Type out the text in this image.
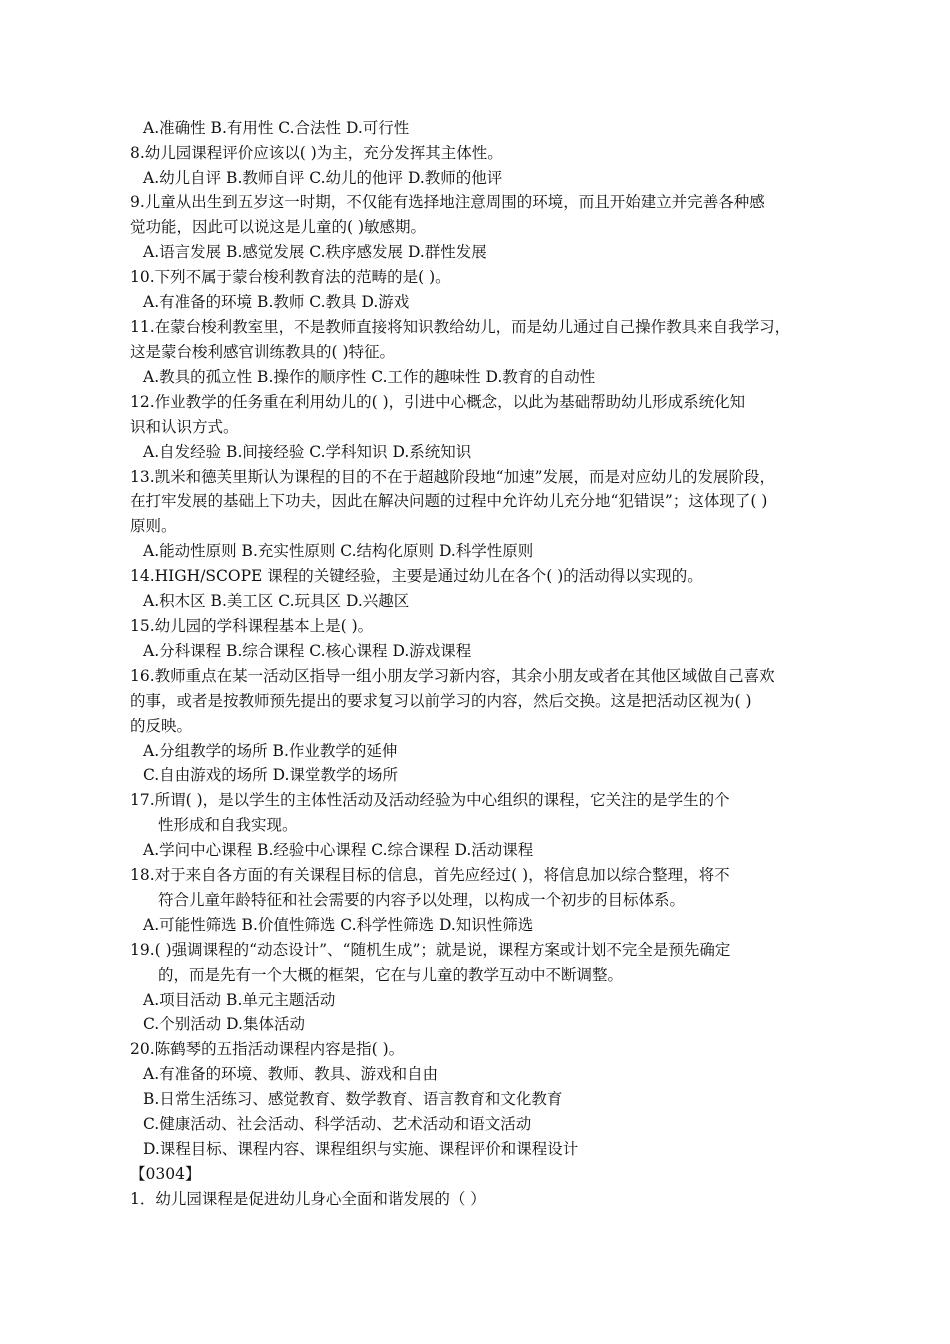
A.准确性 B.有用性 C.合法性 D.可行性
8.幼儿园课程评价应该以( )为主，充分发挥其主体性。
A.幼儿自评 B.教师自评 C.幼儿的他评 D.教师的他评
9.儿童从出生到五岁这一时期，不仅能有选择地注意周围的环境，而且开始建立并完善各种感
觉功能，因此可以说这是儿童的( )敏感期。
A.语言发展 B.感觉发展 C.秩序感发展 D.群性发展
10.下列不属于蒙台梭利教育法的范畴的是( )。
A.有准备的环境 B.教师 C.教具 D.游戏
11.在蒙台梭利教室里，不是教师直接将知识教给幼儿，而是幼儿通过自己操作教具来自我学习，
这是蒙台梭利感官训练教具的( )特征。
A.教具的孤立性 B.操作的顺序性 C.工作的趣味性 D.教育的自动性
12.作业教学的任务重在利用幼儿的( )，引进中心概念，以此为基础帮助幼儿形成系统化知
识和认识方式。
A.自发经验 B.间接经验 C.学科知识 D.系统知识
13.凯米和德芙里斯认为课程的目的不在于超越阶段地“加速”发展，而是对应幼儿的发展阶段，
在打牢发展的基础上下功夫，因此在解决问题的过程中允许幼儿充分地“犯错误”；这体现了( )
原则。
A.能动性原则 B.充实性原则 C.结构化原则 D.科学性原则
14.HIGH/SCOPE 课程的关键经验，主要是通过幼儿在各个( )的活动得以实现的。
A.积木区 B.美工区 C.玩具区 D.兴趣区
15.幼儿园的学科课程基本上是( )。
A.分科课程 B.综合课程 C.核心课程 D.游戏课程
16.教师重点在某一活动区指导一组小朋友学习新内容，其余小朋友或者在其他区域做自己喜欢
的事，或者是按教师预先提出的要求复习以前学习的内容，然后交换。这是把活动区视为( )
的反映。
A.分组教学的场所 B.作业教学的延伸
C.自由游戏的场所 D.课堂教学的场所
17.所谓( )，是以学生的主体性活动及活动经验为中心组织的课程，它关注的是学生的个
性形成和自我实现。
A.学问中心课程 B.经验中心课程 C.综合课程 D.活动课程
18.对于来自各方面的有关课程目标的信息，首先应经过( )，将信息加以综合整理，将不
符合儿童年龄特征和社会需要的内容予以处理，以构成一个初步的目标体系。
A.可能性筛选 B.价值性筛选 C.科学性筛选 D.知识性筛选
19.( )强调课程的“动态设计”、“随机生成”；就是说，课程方案或计划不完全是预先确定
的，而是先有一个大概的框架，它在与儿童的教学互动中不断调整。
A.项目活动 B.单元主题活动
C.个别活动 D.集体活动
20.陈鹤琴的五指活动课程内容是指( )。
A.有准备的环境、教师、教具、游戏和自由
B.日常生活练习、感觉教育、数学教育、语言教育和文化教育
C.健康活动、社会活动、科学活动、艺术活动和语文活动
D.课程目标、课程内容、课程组织与实施、课程评价和课程设计
【0304】
1．幼儿园课程是促进幼儿身心全面和谐发展的（ ）
